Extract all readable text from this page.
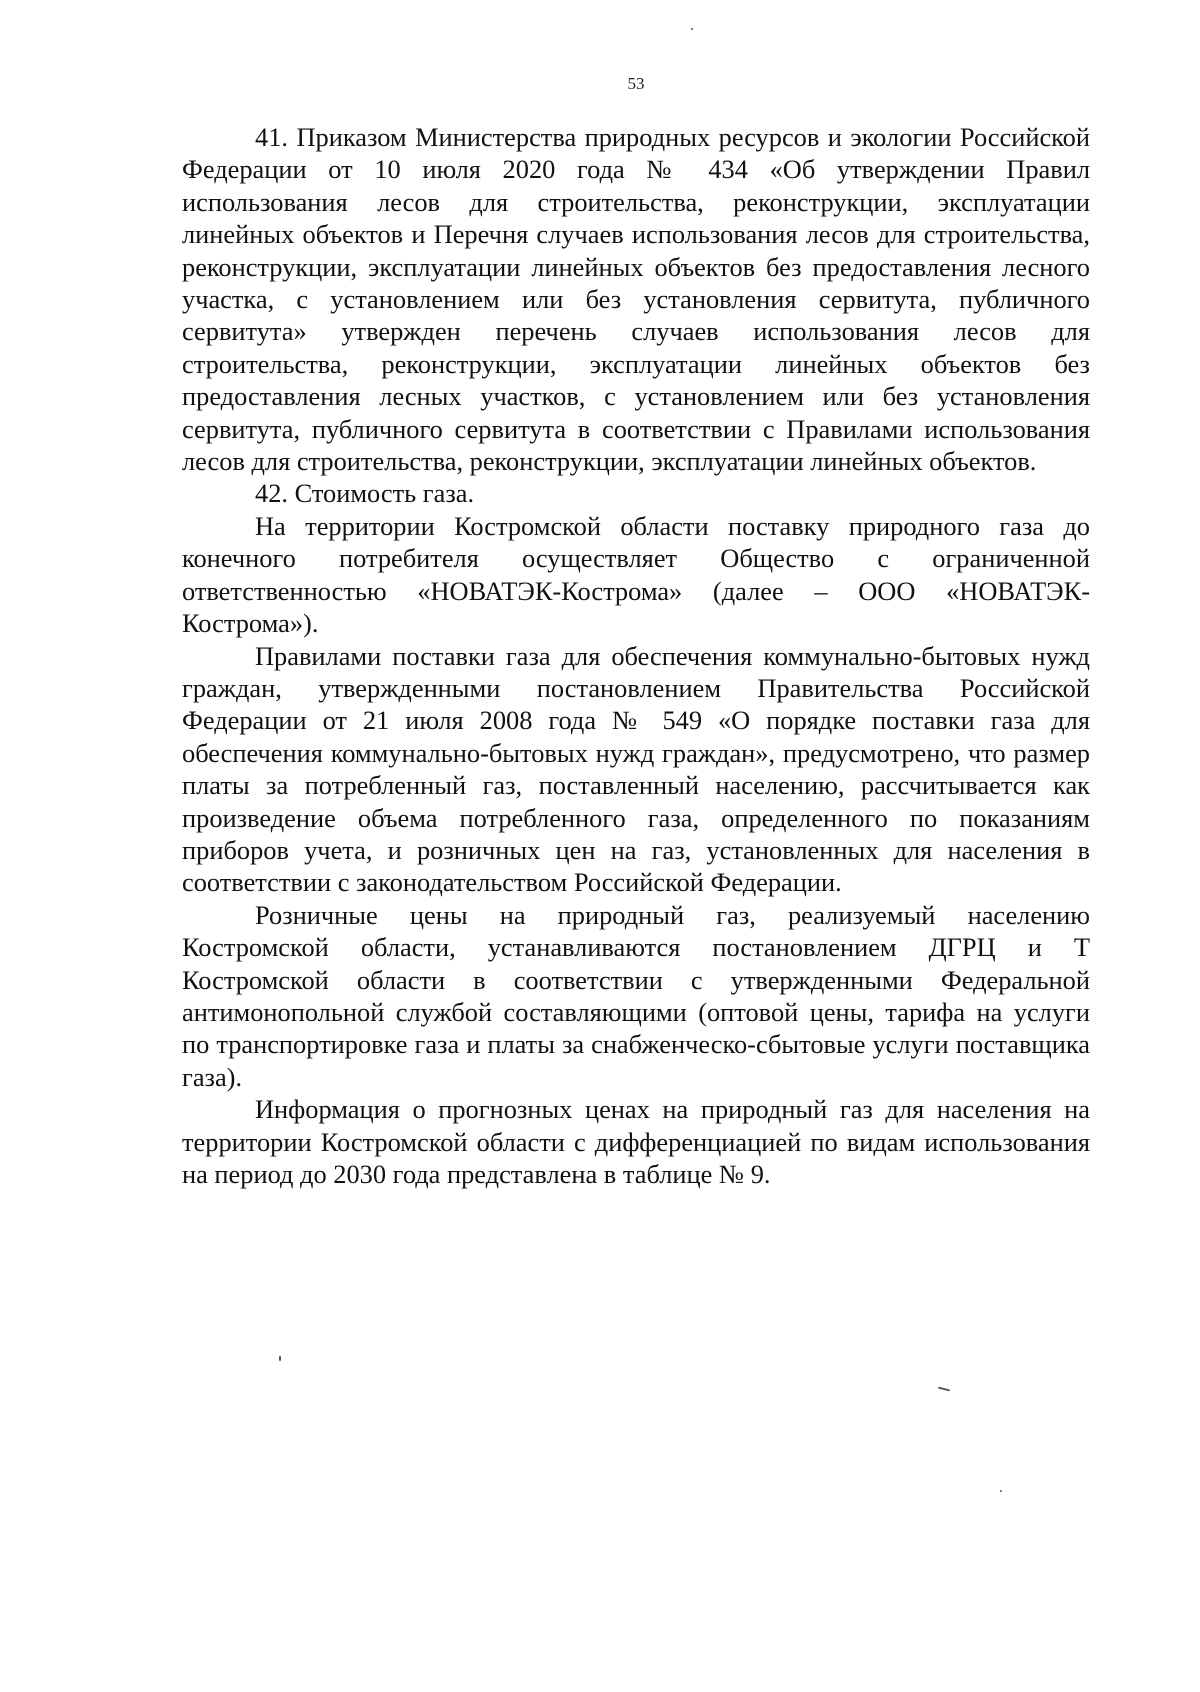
53

41. Приказом Министерства природных ресурсов и экологии Российской Федерации от 10 июля 2020 года № 434 «Об утверждении Правил использования лесов для строительства, реконструкции, эксплуатации линейных объектов и Перечня случаев использования лесов для строительства, реконструкции, эксплуатации линейных объектов без предоставления лесного участка, с установлением или без установления сервитута, публичного сервитута» утвержден перечень случаев использования лесов для строительства, реконструкции, эксплуатации линейных объектов без предоставления лесных участков, с установлением или без установления сервитута, публичного сервитута в соответствии с Правилами использования лесов для строительства, реконструкции, эксплуатации линейных объектов.

42. Стоимость газа.

На территории Костромской области поставку природного газа до конечного потребителя осуществляет Общество с ограниченной ответственностью «НОВАТЭК-Кострома» (далее – ООО «НОВАТЭК-Кострома»).

Правилами поставки газа для обеспечения коммунально-бытовых нужд граждан, утвержденными постановлением Правительства Российской Федерации от 21 июля 2008 года № 549 «О порядке поставки газа для обеспечения коммунально-бытовых нужд граждан», предусмотрено, что размер платы за потребленный газ, поставленный населению, рассчитывается как произведение объема потребленного газа, определенного по показаниям приборов учета, и розничных цен на газ, установленных для населения в соответствии с законодательством Российской Федерации.

Розничные цены на природный газ, реализуемый населению Костромской области, устанавливаются постановлением ДГРЦ и Т Костромской области в соответствии с утвержденными Федеральной антимонопольной службой составляющими (оптовой цены, тарифа на услуги по транспортировке газа и платы за снабженческо-сбытовые услуги поставщика газа).

Информация о прогнозных ценах на природный газ для населения на территории Костромской области с дифференциацией по видам использования на период до 2030 года представлена в таблице № 9.
